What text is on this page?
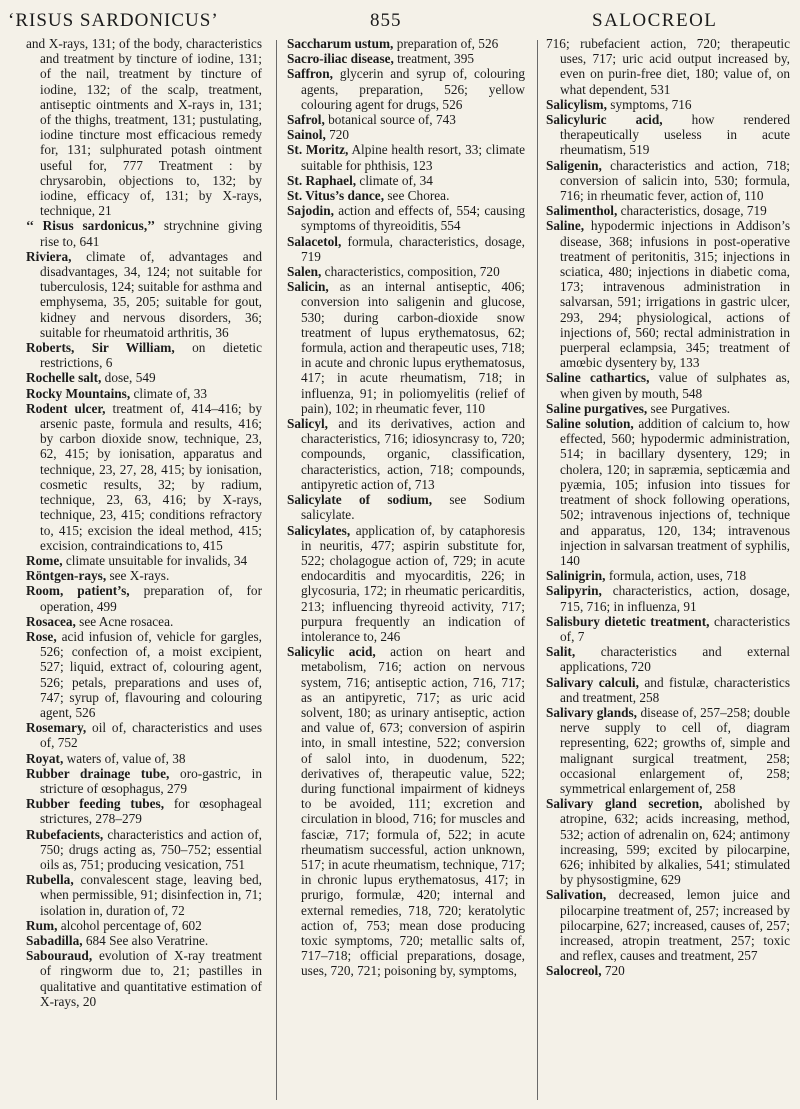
‘RISUS SARDONICUS’	855	SALOCREOL

and X-rays, 131; of the body, characteristics and treatment by tincture of iodine, 131; of the nail, treatment by tincture of iodine, 132; of the scalp, treatment, antiseptic ointments and X-rays in, 131; of the thighs, treatment, 131; pustulating, iodine tincture most efficacious remedy for, 131; sulphurated potash ointment useful for, 777 Treatment : by chrysarobin, objections to, 132; by iodine, efficacy of, 131; by X-rays, technique, 21

‘‘ Risus sardonicus,’’ strychnine giving rise to, 641

Riviera, climate of, advantages and disadvantages, 34, 124; not suitable for tuberculosis, 124; suitable for asthma and emphysema, 35, 205; suitable for gout, kidney and nervous disorders, 36; suitable for rheumatoid arthritis, 36

Roberts, Sir William, on dietetic restrictions, 6

Rochelle salt, dose, 549

Rocky Mountains, climate of, 33

Rodent ulcer, treatment of, 414–416; by arsenic paste, formula and results, 416; by carbon dioxide snow, technique, 23, 62, 415; by ionisation, apparatus and technique, 23, 27, 28, 415; by ionisation, cosmetic results, 32; by radium, technique, 23, 63, 416; by X-rays, technique, 23, 415; conditions refractory to, 415; excision the ideal method, 415; excision, contraindications to, 415

Rome, climate unsuitable for invalids, 34

Röntgen-rays, see X-rays.

Room, patient’s, preparation of, for operation, 499

Rosacea, see Acne rosacea.

Rose, acid infusion of, vehicle for gargles, 526; confection of, a moist excipient, 527; liquid, extract of, colouring agent, 526; petals, preparations and uses of, 747; syrup of, flavouring and colouring agent, 526

Rosemary, oil of, characteristics and uses of, 752

Royat, waters of, value of, 38

Rubber drainage tube, oro-gastric, in stricture of œsophagus, 279

Rubber feeding tubes, for œsophageal strictures, 278–279

Rubefacients, characteristics and action of, 750; drugs acting as, 750–752; essential oils as, 751; producing vesication, 751

Rubella, convalescent stage, leaving bed, when permissible, 91; disinfection in, 71; isolation in, duration of, 72

Rum, alcohol percentage of, 602

Sabadilla, 684 See also Veratrine.

Sabouraud, evolution of X-ray treatment of ringworm due to, 21; pastilles in qualitative and quantitative estimation of X-rays, 20

Saccharum ustum, preparation of, 526

Sacro-iliac disease, treatment, 395

Saffron, glycerin and syrup of, colouring agents, preparation, 526; yellow colouring agent for drugs, 526

Safrol, botanical source of, 743

Sainol, 720

St. Moritz, Alpine health resort, 33; climate suitable for phthisis, 123

St. Raphael, climate of, 34

St. Vitus’s dance, see Chorea.

Sajodin, action and effects of, 554; causing symptoms of thyreoiditis, 554

Salacetol, formula, characteristics, dosage, 719

Salen, characteristics, composition, 720

Salicin, as an internal antiseptic, 406; conversion into saligenin and glucose, 530; during carbon-dioxide snow treatment of lupus erythematosus, 62; formula, action and therapeutic uses, 718; in acute and chronic lupus erythematosus, 417; in acute rheumatism, 718; in influenza, 91; in poliomyelitis (relief of pain), 102; in rheumatic fever, 110

Salicyl, and its derivatives, action and characteristics, 716; idiosyncrasy to, 720; compounds, organic, classification, characteristics, action, 718; compounds, antipyretic action of, 713

Salicylate of sodium, see Sodium salicylate.

Salicylates, application of, by cataphoresis in neuritis, 477; aspirin substitute for, 522; cholagogue action of, 729; in acute endocarditis and myocarditis, 226; in glycosuria, 172; in rheumatic pericarditis, 213; influencing thyreoid activity, 717; purpura frequently an indication of intolerance to, 246

Salicylic acid, action on heart and metabolism, 716; action on nervous system, 716; antiseptic action, 716, 717; as an antipyretic, 717; as uric acid solvent, 180; as urinary antiseptic, action and value of, 673; conversion of aspirin into, in small intestine, 522; conversion of salol into, in duodenum, 522; derivatives of, therapeutic value, 522; during functional impairment of kidneys to be avoided, 111; excretion and circulation in blood, 716; for muscles and fasciæ, 717; formula of, 522; in acute rheumatism successful, action unknown, 517; in acute rheumatism, technique, 717; in chronic lupus erythematosus, 417; in prurigo, formulæ, 420; internal and external remedies, 718, 720; keratolytic action of, 753; mean dose producing toxic symptoms, 720; metallic salts of, 717–718; official preparations, dosage, uses, 720, 721; poisoning by, symptoms,

716; rubefacient action, 720; therapeutic uses, 717; uric acid output increased by, even on purin-free diet, 180; value of, on what dependent, 531

Salicylism, symptoms, 716

Salicyluric acid, how rendered therapeutically useless in acute rheumatism, 519

Saligenin, characteristics and action, 718; conversion of salicin into, 530; formula, 716; in rheumatic fever, action of, 110

Salimenthol, characteristics, dosage, 719

Saline, hypodermic injections in Addison’s disease, 368; infusions in post-operative treatment of peritonitis, 315; injections in sciatica, 480; injections in diabetic coma, 173; intravenous administration in salvarsan, 591; irrigations in gastric ulcer, 293, 294; physiological, actions of injections of, 560; rectal administration in puerperal eclampsia, 345; treatment of amœbic dysentery by, 133

Saline cathartics, value of sulphates as, when given by mouth, 548

Saline purgatives, see Purgatives.

Saline solution, addition of calcium to, how effected, 560; hypodermic administration, 514; in bacillary dysentery, 129; in cholera, 120; in sapræmia, septicæmia and pyæmia, 105; infusion into tissues for treatment of shock following operations, 502; intravenous injections of, technique and apparatus, 120, 134; intravenous injection in salvarsan treatment of syphilis, 140

Salinigrin, formula, action, uses, 718

Salipyrin, characteristics, action, dosage, 715, 716; in influenza, 91

Salisbury dietetic treatment, characteristics of, 7

Salit, characteristics and external applications, 720

Salivary calculi, and fistulæ, characteristics and treatment, 258

Salivary glands, disease of, 257–258; double nerve supply to cell of, diagram representing, 622; growths of, simple and malignant surgical treatment, 258; occasional enlargement of, 258; symmetrical enlargement of, 258

Salivary gland secretion, abolished by atropine, 632; acids increasing, method, 532; action of adrenalin on, 624; antimony increasing, 599; excited by pilocarpine, 626; inhibited by alkalies, 541; stimulated by physostigmine, 629

Salivation, decreased, lemon juice and pilocarpine treatment of, 257; increased by pilocarpine, 627; increased, causes of, 257; increased, atropin treatment, 257; toxic and reflex, causes and treatment, 257

Salocreol, 720
